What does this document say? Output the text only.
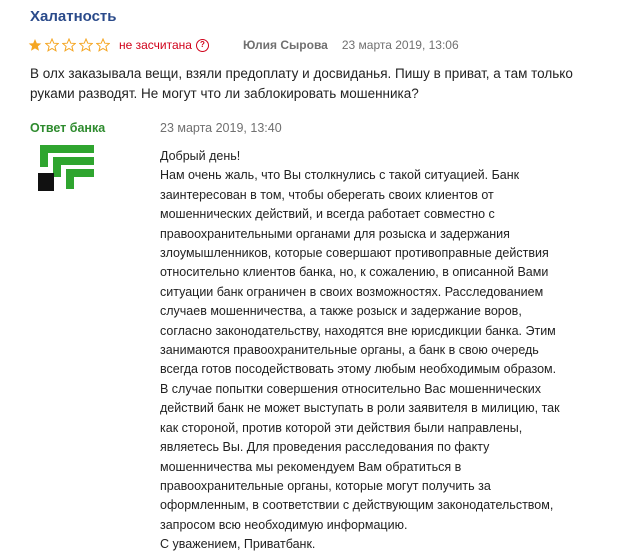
Халатность
не засчитана	?	Юлия Сырова 23 марта 2019, 13:06
В олх заказывала вещи, взяли предоплату и досвиданья. Пишу в приват, а там только
руками разводят. Не могут что ли заблокировать мошенника?
Ответ банка	23 марта 2019, 13:40
Добрый день!
Нам очень жаль, что Вы столкнулись с такой ситуацией. Банк
заинтересован в том, чтобы оберегать своих клиентов от
мошеннических действий, и всегда работает совместно с
правоохранительными органами для розыска и задержания
злоумышленников, которые совершают противоправные действия
относительно клиентов банка, но, к сожалению, в описанной Вами
ситуации банк ограничен в своих возможностях. Расследованием
случаев мошенничества, а также розыск и задержание воров,
согласно законодательству, находятся вне юрисдикции банка. Этим
занимаются правоохранительные органы, а банк в свою очередь
всегда готов посодействовать этому любым необходимым образом.
В случае попытки совершения относительно Вас мошеннических
действий банк не может выступать в роли заявителя в милицию, так
как стороной, против которой эти действия были направлены,
являетесь Вы. Для проведения расследования по факту
мошенничества мы рекомендуем Вам обратиться в
правоохранительные органы, которые могут получить за
оформленным, в соответствии с действующим законодательством,
запросом всю необходимую информацию.
С уважением, Приватбанк.
